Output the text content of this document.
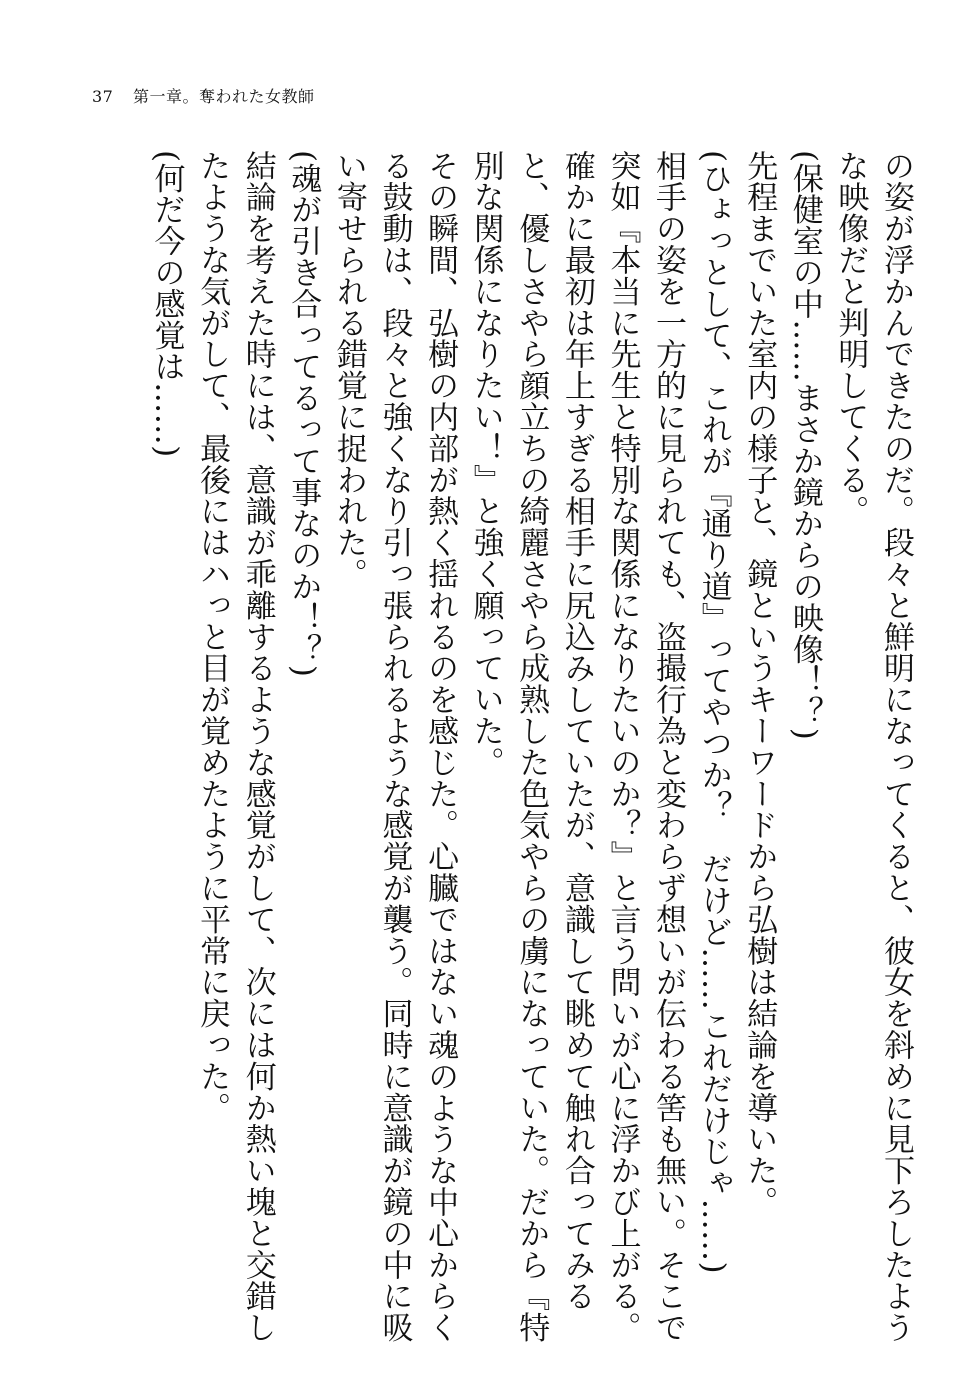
37 第一章。奪われた女教師

の姿が浮かんできたのだ。段々と鮮明になってくると、彼女を斜めに見下ろしたような映像だと判明してくる。

(保健室の中……まさか鏡からの映像！？)

先程までいた室内の様子と、鏡というキーワードから弘樹は結論を導いた。

(ひょっとして、これが『通り道』ってやつか？　だけど……これだけじゃ……)

相手の姿を一方的に見られても、盗撮行為と変わらず想いが伝わる筈も無い。そこで突如『本当に先生と特別な関係になりたいのか？』と言う問いが心に浮かび上がる。

確かに最初は年上すぎる相手に尻込みしていたが、意識して眺めて触れ合ってみると、優しさやら顔立ちの綺麗さやら成熟した色気やらの虜になっていた。だから『特別な関係になりたい！』と強く願っていた。

その瞬間、弘樹の内部が熱く揺れるのを感じた。心臓ではない魂のような中心からくる鼓動は、段々と強くなり引っ張られるような感覚が襲う。同時に意識が鏡の中に吸い寄せられる錯覚に捉われた。

(魂が引き合ってるって事なのか！？)

結論を考えた時には、意識が乖離するような感覚がして、次には何か熱い塊と交錯したような気がして、最後にはハっと目が覚めたように平常に戻った。

(何だ今の感覚は……)
